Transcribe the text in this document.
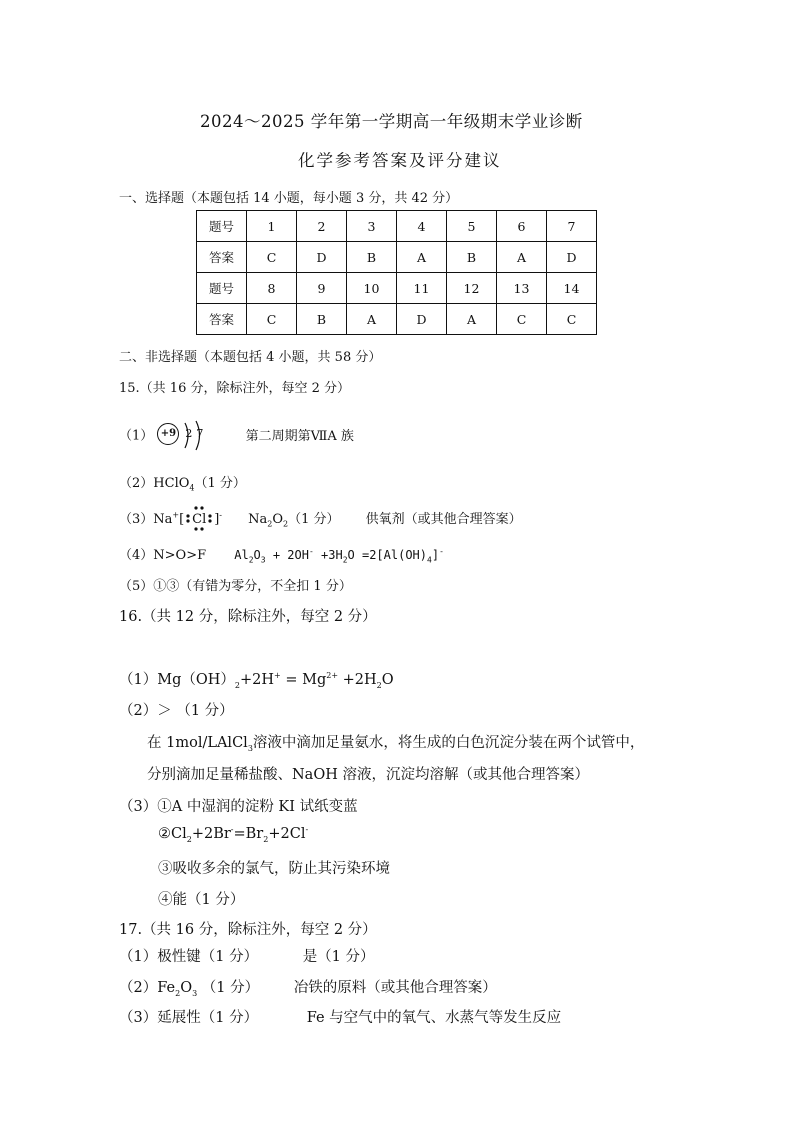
2024～2025 学年第一学期高一年级期末学业诊断
化学参考答案及评分建议
一、选择题（本题包括 14 小题，每小题 3 分，共 42 分）
题号	1	2	3	4	5	6	7
答案	C	D	B	A	B	A	D
题号	8	9	10	11	12	13	14
答案	C	B	A	D	A	C	C
二、非选择题（本题包括 4 小题，共 58 分）
15.（共 16 分，除标注外，每空 2 分）
（1） +9 2 7	第二周期第ⅦA 族
（2）HClO$_4$（1 分）
（3）Na+[ Cl ]- $Na_2O_2(1$ 分） 供氧剂（或其他合理答案）
（4）N>O>F $Al_2O_3 + 2OH^- +3H_2O =2[Al(OH)_4]^-$
（5）①③（有错为零分，不全扣 1 分）
16.（共 12 分，除标注外，每空 2 分）
$(1)Mg(OH)_2+2H^+ = Mg^{2+} +2H_2O$
（2）＞ （1 分）
在 1mol/LAlCl$_3$溶液中滴加足量氨水，将生成的白色沉淀分装在两个试管中，
分别滴加足量稀盐酸、NaOH 溶液，沉淀均溶解（或其他合理答案）
（3）①A 中湿润的淀粉 KI 试纸变蓝
$②Cl_2+2Br^-=Br_2+2Cl^-$
③吸收多余的氯气，防止其污染环境
④能（1 分）
17.（共 16 分，除标注外，每空 2 分）
（1）极性键（1 分）	是（1 分）
$(2)Fe_2O_3$ （1 分） 冶铁的原料（或其他合理答案）
（3）延展性（1 分）	Fe 与空气中的氧气、水蒸气等发生反应
